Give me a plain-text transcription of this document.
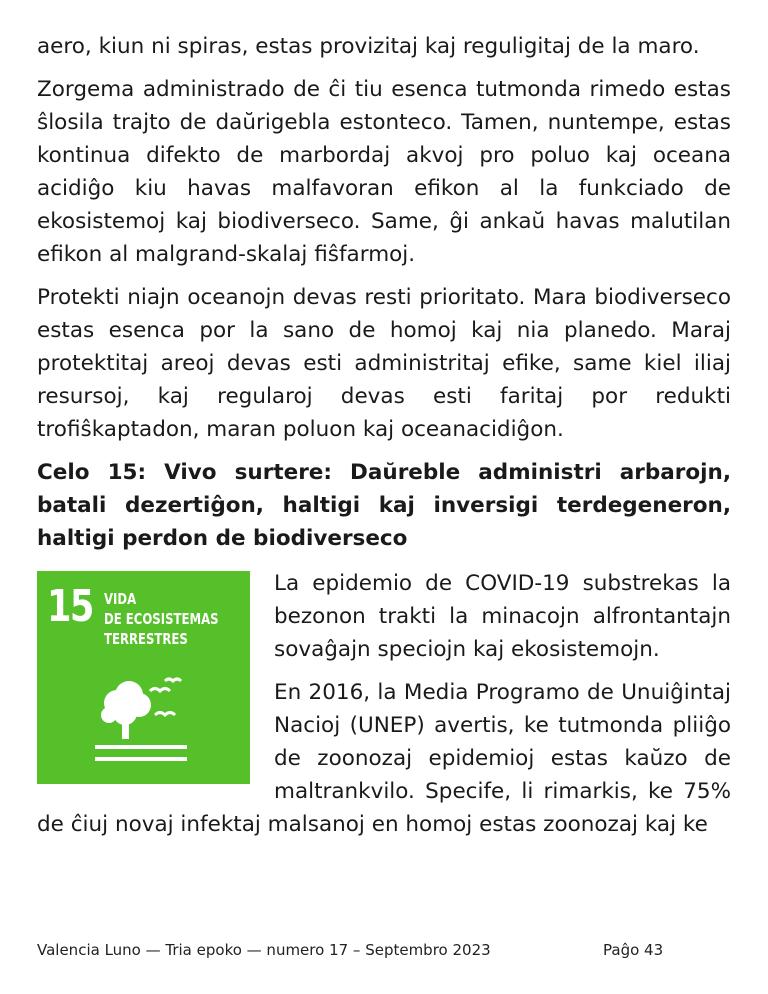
aero, kiun ni spiras, estas provizitaj kaj reguligitaj de la maro.

Zorgema administrado de ĉi tiu esenca tutmonda rimedo estas ŝlosila trajto de daŭrigebla estonteco. Tamen, nuntempe, estas kontinua difekto de marbordaj akvoj pro poluo kaj oceana acidiĝo kiu havas malfavoran efikon al la funkciado de ekosistemoj kaj biodiverseco. Same, ĝi ankaŭ havas malutilan efikon al malgrand-skalaj fiŝfarmoj.

Protekti niajn oceanojn devas resti prioritato. Mara biodiverseco estas esenca por la sano de homoj kaj nia planedo. Maraj protektitaj areoj devas esti administritaj efike, same kiel iliaj resursoj, kaj regularoj devas esti faritaj por redukti trofiŝkaptadon, maran poluon kaj oceanacidiĝon.

Celo 15: Vivo surtere: Daŭreble administri arbarojn, batali dezertiĝon, haltigi kaj inversigi terdegeneron, haltigi perdon de biodiverseco
15 VIDA
DE ECOSISTEMAS
TERRESTRES

La epidemio de COVID-19 substrekas la bezonon trakti la minacojn alfrontantajn sovaĝajn speciojn kaj ekosistemojn.

En 2016, la Media Programo de Unuiĝintaj Nacioj (UNEP) avertis, ke tutmonda pliiĝo de zoonozaj epidemioj estas kaŭzo de maltrankvilo. Specife, li rimarkis, ke 75% de ĉiuj novaj infektaj malsanoj en homoj estas zoonozaj kaj ke

Valencia Luno — Tria epoko — numero 17 – Septembro 2023	Paĝo 43
